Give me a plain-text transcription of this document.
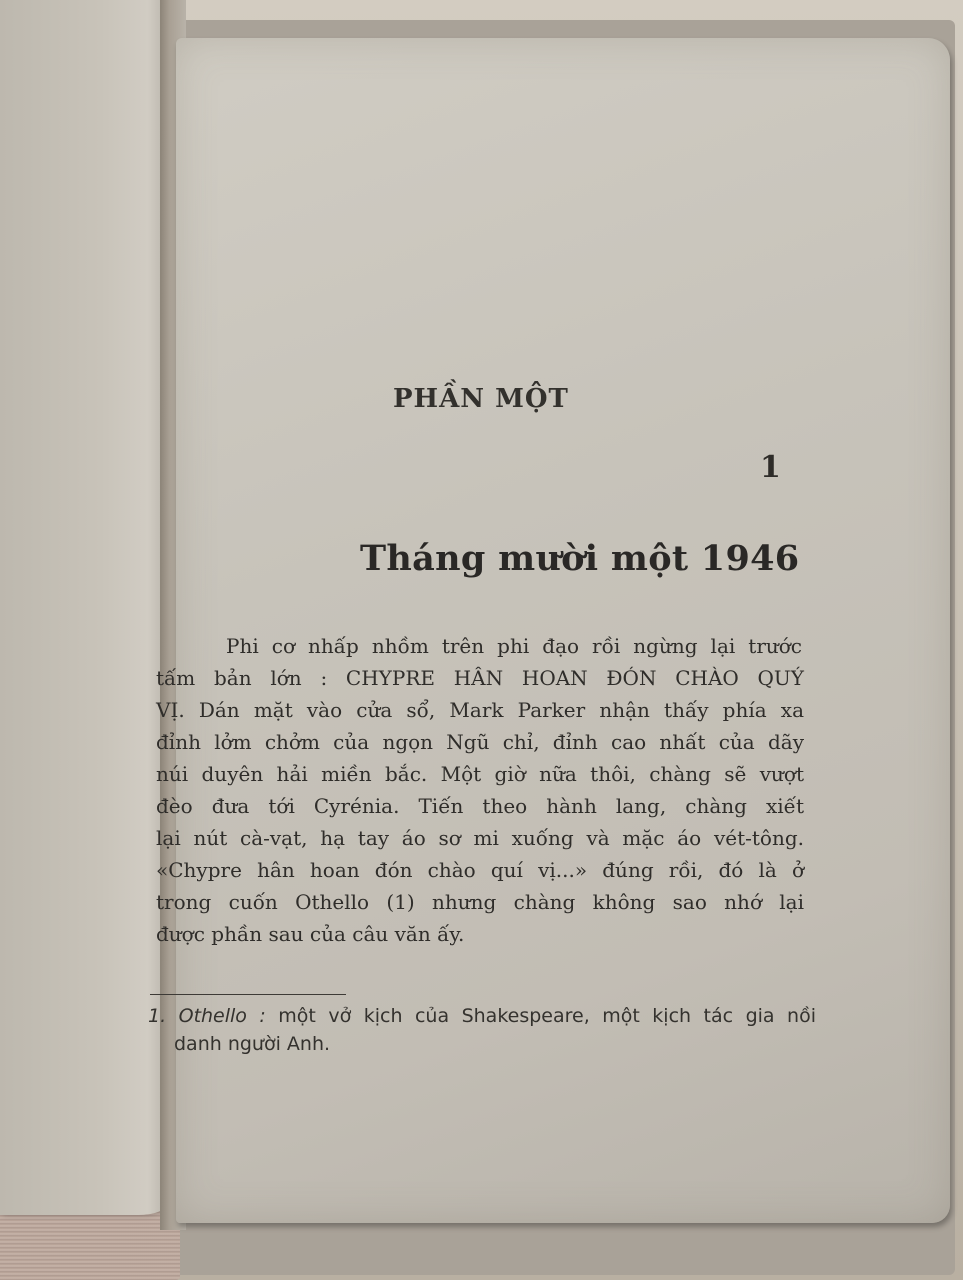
PHẦN MỘT
1
Tháng mười một 1946

Phi cơ nhấp nhồm trên phi đạo rồi ngừng lại trước

tấm bản lớn : CHYPRE HÂN HOAN ĐÓN CHÀO QUÝ

VỊ. Dán mặt vào cửa sổ, Mark Parker nhận thấy phía xa

đỉnh lởm chởm của ngọn Ngũ chỉ, đỉnh cao nhất của dãy

núi duyên hải miền bắc. Một giờ nữa thôi, chàng sẽ vượt

đèo đưa tới Cyrénia. Tiến theo hành lang, chàng xiết

lại nút cà-vạt, hạ tay áo sơ mi xuống và mặc áo vét-tông.

«Chypre hân hoan đón chào quí vị...» đúng rồi, đó là ở

trong cuốn Othello (1) nhưng chàng không sao nhớ lại

được phần sau của câu văn ấy.

1. Othello : một vở kịch của Shakespeare, một kịch tác gia nồi
danh người Anh.
